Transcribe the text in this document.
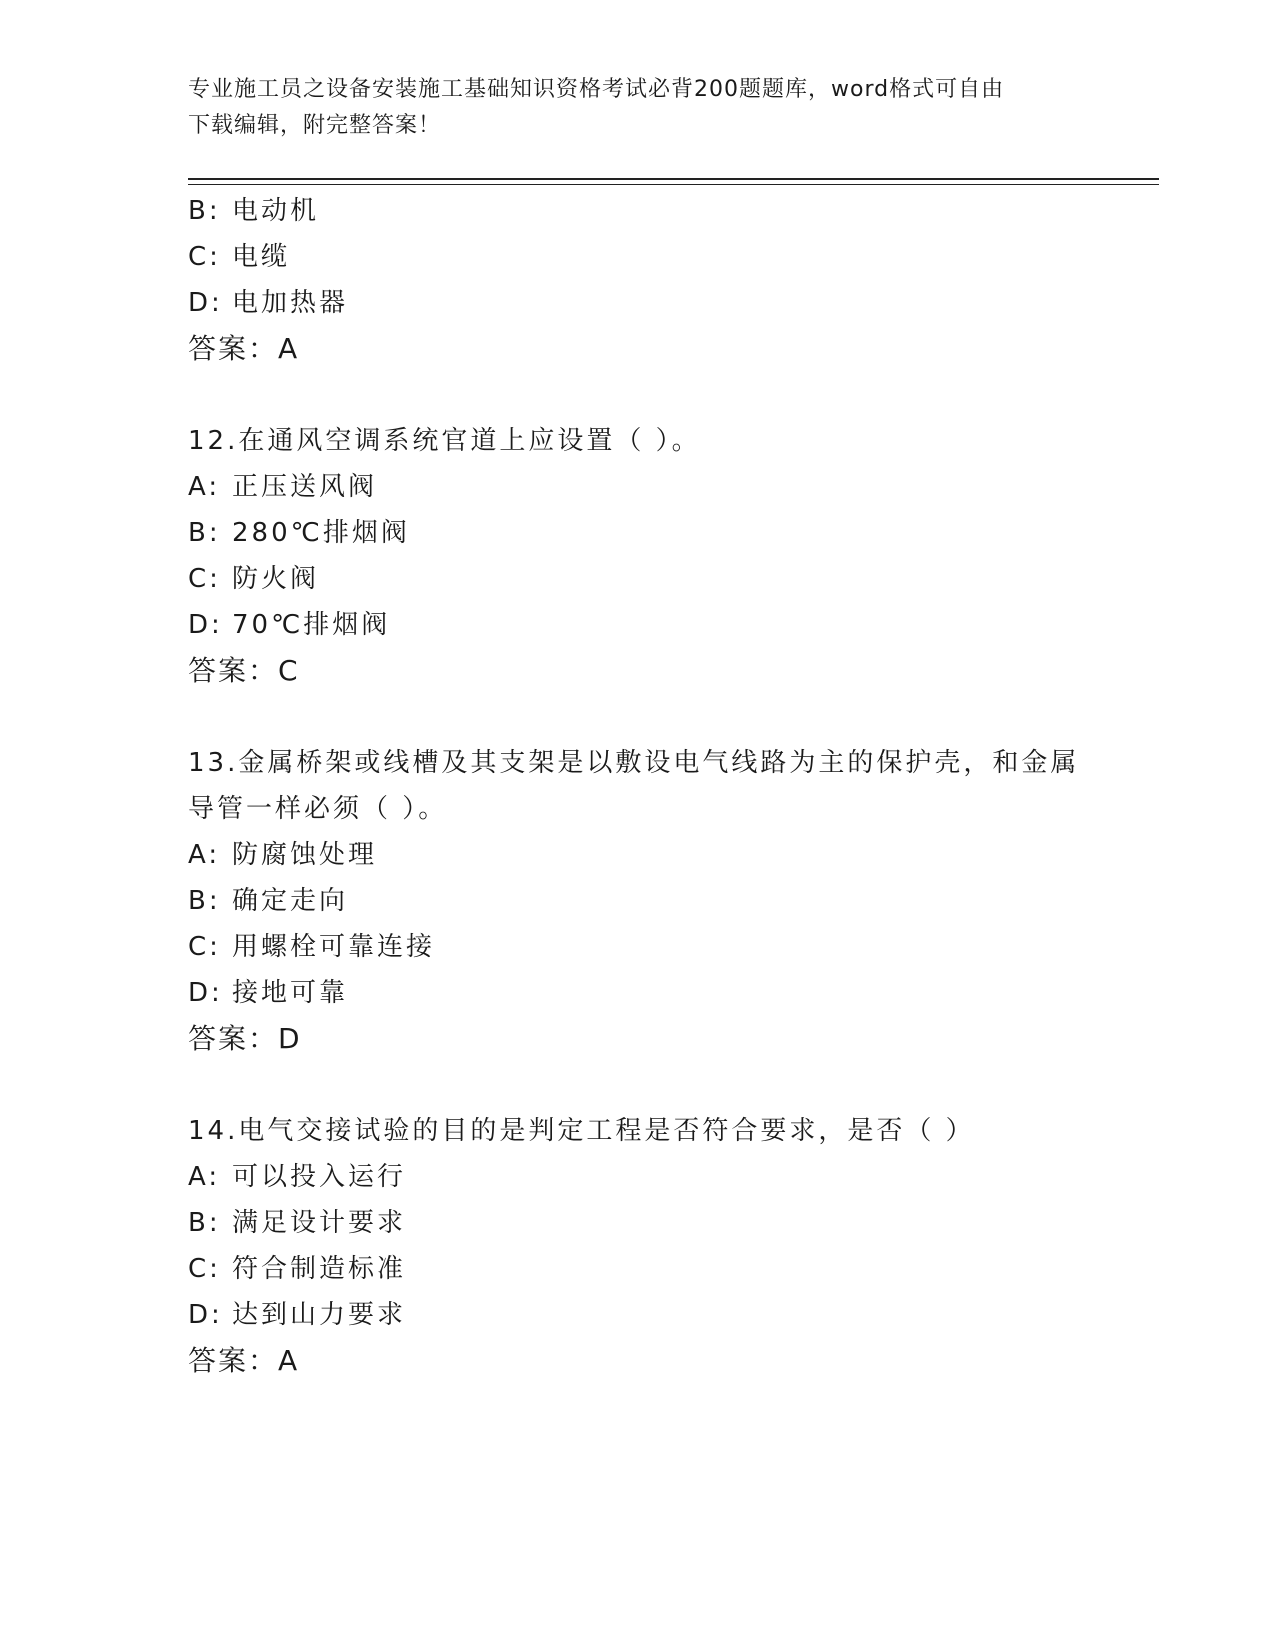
专业施工员之设备安装施工基础知识资格考试必背200题题库，word格式可自由

下载编辑，附完整答案！

B: 电动机
C: 电缆
D: 电加热器
答案：A
12.在通风空调系统官道上应设置（ ）。
A: 正压送风阀
B: 280℃排烟阀
C: 防火阀
D: 70℃排烟阀
答案：C
13.金属桥架或线槽及其支架是以敷设电气线路为主的保护壳，和金属
导管一样必须（ ）。
A: 防腐蚀处理
B: 确定走向
C: 用螺栓可靠连接
D: 接地可靠
答案：D
14.电气交接试验的目的是判定工程是否符合要求，是否（ ）
A: 可以投入运行
B: 满足设计要求
C: 符合制造标准
D: 达到山力要求
答案：A
